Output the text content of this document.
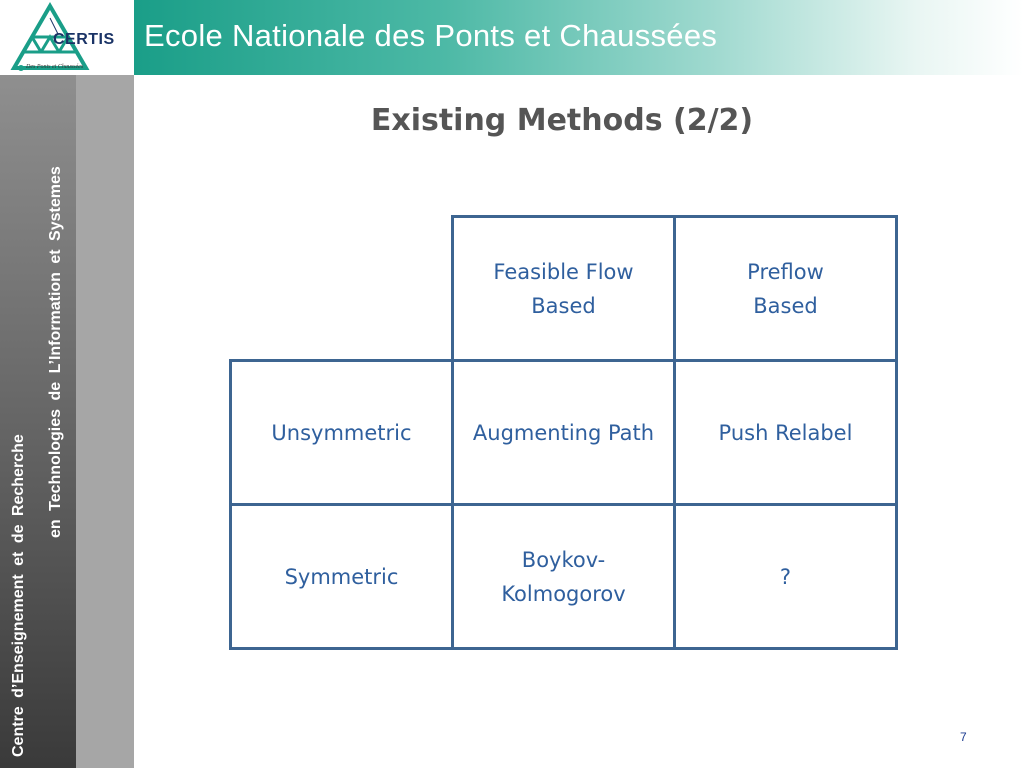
CERTIS
Des Ponts et Chaussées
Ecole Nationale des Ponts et Chaussées
Centre d’Enseignement et de Recherche
en Technologies de L’Information et Systemes
Existing Methods (2/2)
Feasible Flow
Based
Preflow
Based
Unsymmetric	Augmenting Path	Push Relabel
Symmetric
Boykov-
Kolmogorov
?
7
